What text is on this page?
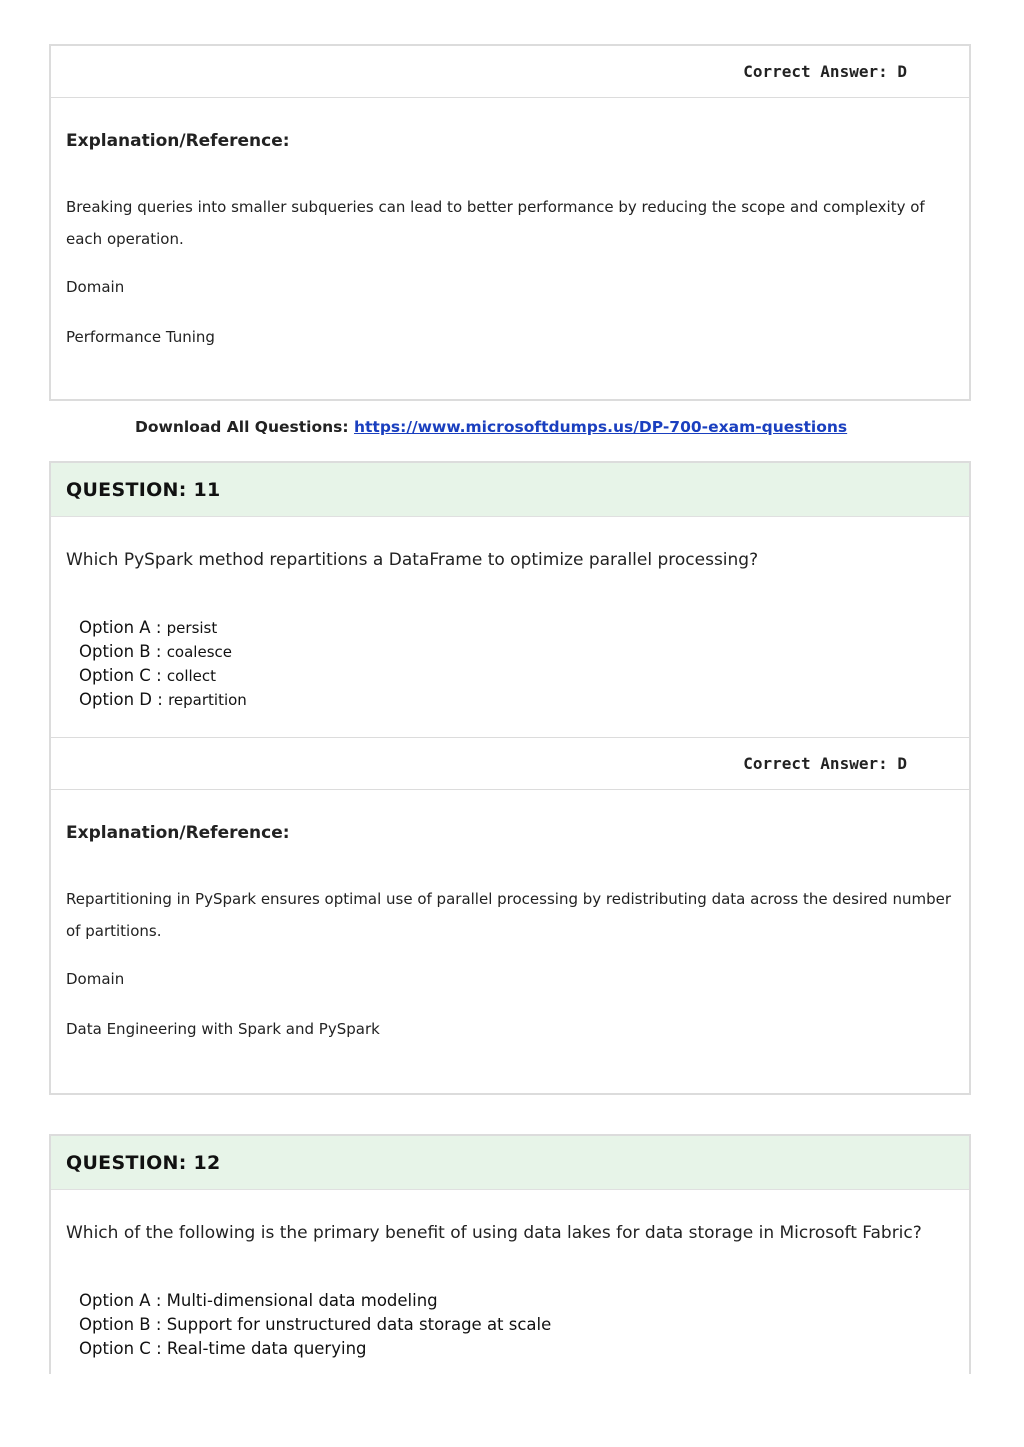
Correct Answer: D
Explanation/Reference:
Breaking queries into smaller subqueries can lead to better performance by reducing the scope and complexity of
each operation.
Domain
Performance Tuning
Download All Questions: https://www.microsoftdumps.us/DP-700-exam-questions
QUESTION: 11
Which PySpark method repartitions a DataFrame to optimize parallel processing?
Option A : persist
Option B : coalesce
Option C : collect
Option D : repartition
Correct Answer: D
Explanation/Reference:
Repartitioning in PySpark ensures optimal use of parallel processing by redistributing data across the desired number
of partitions.
Domain
Data Engineering with Spark and PySpark
QUESTION: 12
Which of the following is the primary benefit of using data lakes for data storage in Microsoft Fabric?
Option A : Multi-dimensional data modeling
Option B : Support for unstructured data storage at scale
Option C : Real-time data querying
